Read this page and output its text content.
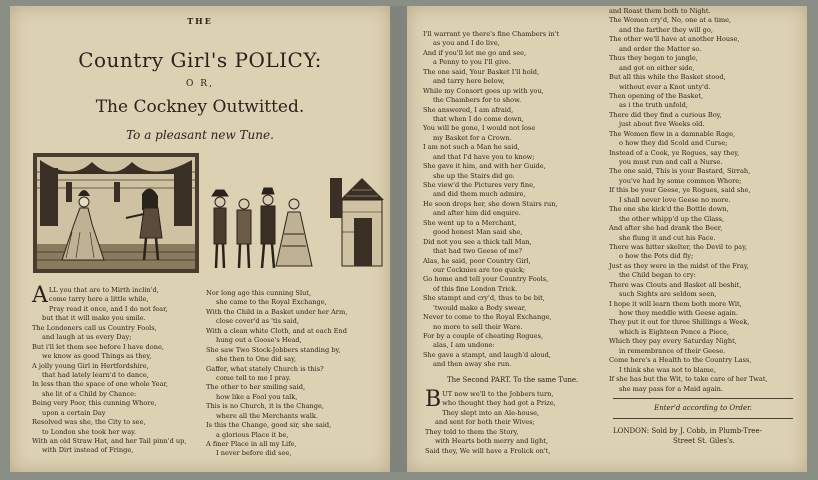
THE
Country Girl's POLICY:
O R,
The Cockney Outwitted.
To a pleasant new Tune.
ALL you that are to Mirth inclin'd,
come tarry here a little while,
Pray read it once, and I do not fear,
but that it will make you smile.
The Londoners call us Country Fools,
and laugh at us every Day;
But i'll let them see before I have done,
we know as good Things as they,
A jolly young Girl in Hertfordshire,
that had lately learn'd to dance,
In less than the space of one whole Year,
she lit of a Child by Chance:
Being very Poor, this cunning Whore,
upon a certain Day
Resolved was she, the City to see,
to London she took her way.
With an old Straw Hat, and her Tail pinn'd up,
with Dirt instead of Fringe,
Nor long ago this cunning Slut,
she came to the Royal Exchange,
With the Child in a Basket under her Arm,
close cover'd as 'tis said,
With a clean white Cloth, and at each End
hung out a Goose's Head,
She saw Two Stock-Jobbers standing by,
she then to One did say,
Gaffer, what stately Church is this?
come tell to me I pray.
The other to her smiling said,
how like a Fool you talk,
This is no Church, it is the Change,
where all the Merchants walk.
Is this the Change, good sir, she said,
a glorious Place it be,
A finer Place in all my Life,
I never before did see,
I'll warrant ye there's fine Chambers in't
as you and I do live,
And if you'll let me go and see,
a Penny to you I'll give.
The one said, Your Basket I'll hold,
and tarry here below,
While my Consort goes up with you,
the Chambers for to show.
She answered, I am afraid,
that when I do come down,
You will be gone, I would not lose
my Basket for a Crown.
I am not such a Man he said,
and that I'd have you to know;
She gave it him, and with her Guide,
she up the Stairs did go.
She view'd the Pictures very fine,
and did them much admire,
He soon drops her, she down Stairs run,
and after him did enquire.
She went up to a Merchant,
good honest Man said she,
Did not you see a thick tall Man,
that had two Geese of me?
Alas, he said, poor Country Girl,
our Cocknies are too quick;
Go home and tell your Country Fools,
of this fine London Trick.
She stampt and cry'd, thus to be bit,
'twould make a Body swear,
Never to come to the Royal Exchange,
no more to sell their Ware.
For by a couple of cheating Rogues,
alas, I am undone:
She gave a stampt, and laugh'd aloud,
and then away she run.
The Second PART. To the same Tune.
BUT now we'll to the Jobbers turn,
who thought they had got a Prize,
They slept into an Ale-house,
and sent for both their Wives;
They told to them the Story,
with Hearts both merry and light,
Said they, We will have a Frolick on't,
and Roast them both to Night.
The Women cry'd, No, one at a time,
and the farther they will go,
The other we'll have at another House,
and order the Matter so.
Thus they began to jangle,
and got on either side,
But all this while the Basket stood,
without ever a Knot unty'd.
Then opening of the Basket,
as i the truth unfold,
There did they find a curious Boy,
just about five Weeks old.
The Women flew in a damnable Rage,
o how they did Scold and Curse;
Instead of a Cook, ye Rogues, say they,
you must run and call a Nurse.
The one said, This is your Bastard, Sirrah,
you've had by some common Whore;
If this be your Geese, ye Rogues, said she,
I shall never love Geese no more.
The one she kick'd the Bottle down,
the other whipp'd up the Glass,
And after she had drank the Beer,
she flung it and cut his Face.
There was hitter skelter, the Devil to pay,
o how the Pots did fly;
Just as they were in the midst of the Fray,
the Child began to cry:
There was Clouts and Basket all beshit,
such Sights are seldom seen,
I hope it will learn them both more Wit,
how they meddle with Geese again.
They put it out for three Shillings a Week,
which is Eighteen Pence a Piece,
Which they pay every Saturday Night,
in remembrance of their Geese.
Come here's a Health to the Country Lass,
I think she was not to blame,
If she has but the Wit, to take care of her Twat,
she may pass for a Maid again.
Enter'd according to Order.
LONDON: Sold by J. Cobb, in Plumb-Tree-
Street St. Giles's.
